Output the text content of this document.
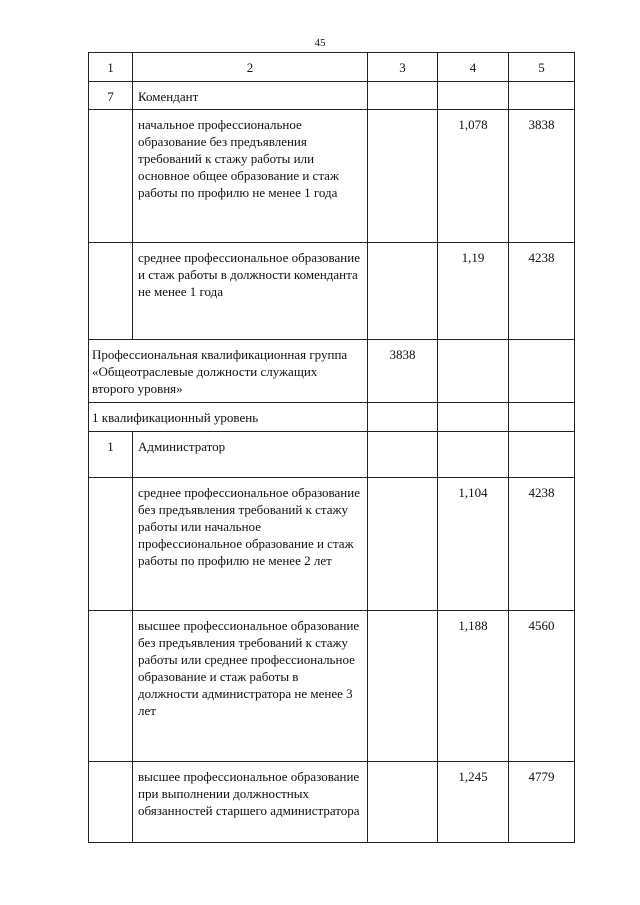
45
1	2	3	4	5
7	Комендант			
	начальное профессиональное образование без предъявления требований к стажу работы или основное общее образование и стаж работы по профилю не менее 1 года		1,078	3838
	среднее профессиональное образование и стаж работы в должности коменданта не менее 1 года		1,19	4238
Профессиональная квалификационная группа «Общеотраслевые должности служащих второго уровня»		3838		
1 квалификационный уровень				
1	Администратор			
	среднее профессиональное образование без предъявления требований к стажу работы или начальное профессиональное образование и стаж работы по профилю не менее 2 лет		1,104	4238
	высшее профессиональное образование без предъявления требований к стажу работы или среднее профессиональное образование и стаж работы в должности администратора не менее 3 лет		1,188	4560
	высшее профессиональное образование при выполнении должностных обязанностей старшего администратора		1,245	4779
